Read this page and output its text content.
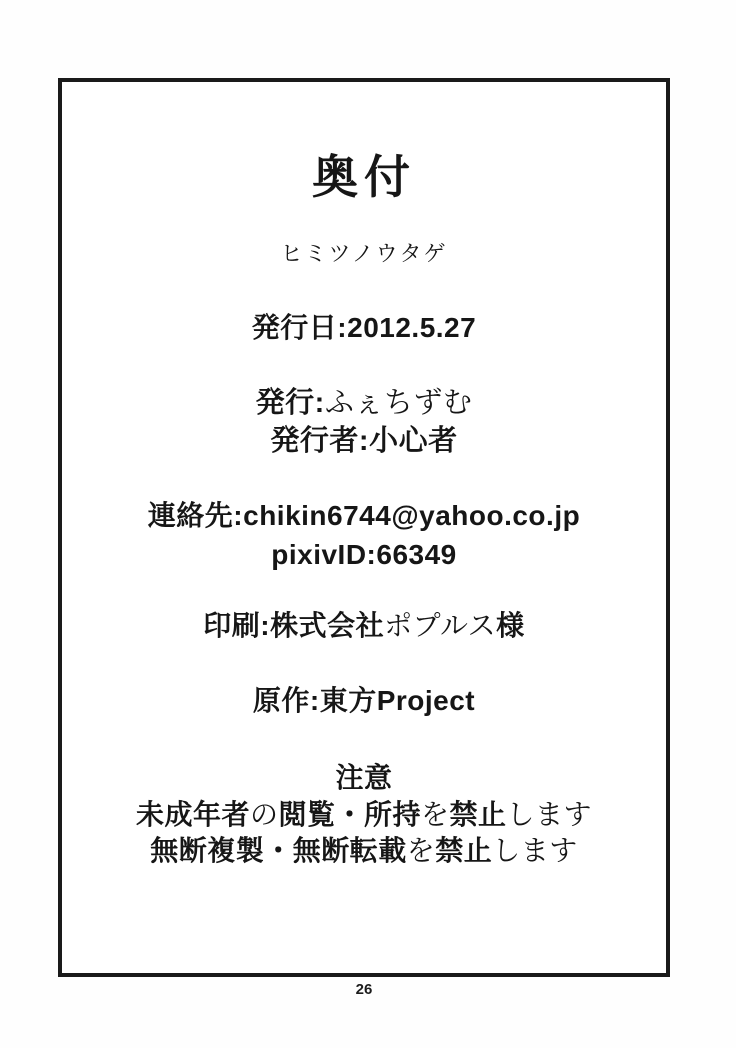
奥付
ヒミツノウタゲ
発行日:2012.5.27
発行:ふぇちずむ
発行者:小心者
連絡先:chikin6744@yahoo.co.jp
pixivID:66349
印刷:株式会社ポプルス様
原作:東方Project
注意
未成年者の閲覧・所持を禁止します
無断複製・無断転載を禁止します
26
